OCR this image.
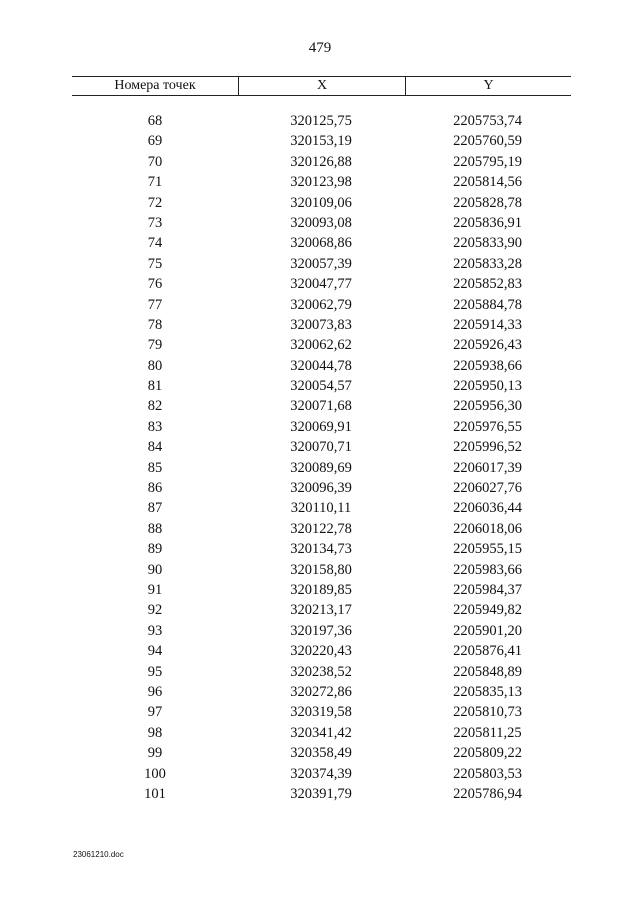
479
Номера точек	X	Y
68	320125,75	2205753,74
69	320153,19	2205760,59
70	320126,88	2205795,19
71	320123,98	2205814,56
72	320109,06	2205828,78
73	320093,08	2205836,91
74	320068,86	2205833,90
75	320057,39	2205833,28
76	320047,77	2205852,83
77	320062,79	2205884,78
78	320073,83	2205914,33
79	320062,62	2205926,43
80	320044,78	2205938,66
81	320054,57	2205950,13
82	320071,68	2205956,30
83	320069,91	2205976,55
84	320070,71	2205996,52
85	320089,69	2206017,39
86	320096,39	2206027,76
87	320110,11	2206036,44
88	320122,78	2206018,06
89	320134,73	2205955,15
90	320158,80	2205983,66
91	320189,85	2205984,37
92	320213,17	2205949,82
93	320197,36	2205901,20
94	320220,43	2205876,41
95	320238,52	2205848,89
96	320272,86	2205835,13
97	320319,58	2205810,73
98	320341,42	2205811,25
99	320358,49	2205809,22
100	320374,39	2205803,53
101	320391,79	2205786,94
23061210.doc
